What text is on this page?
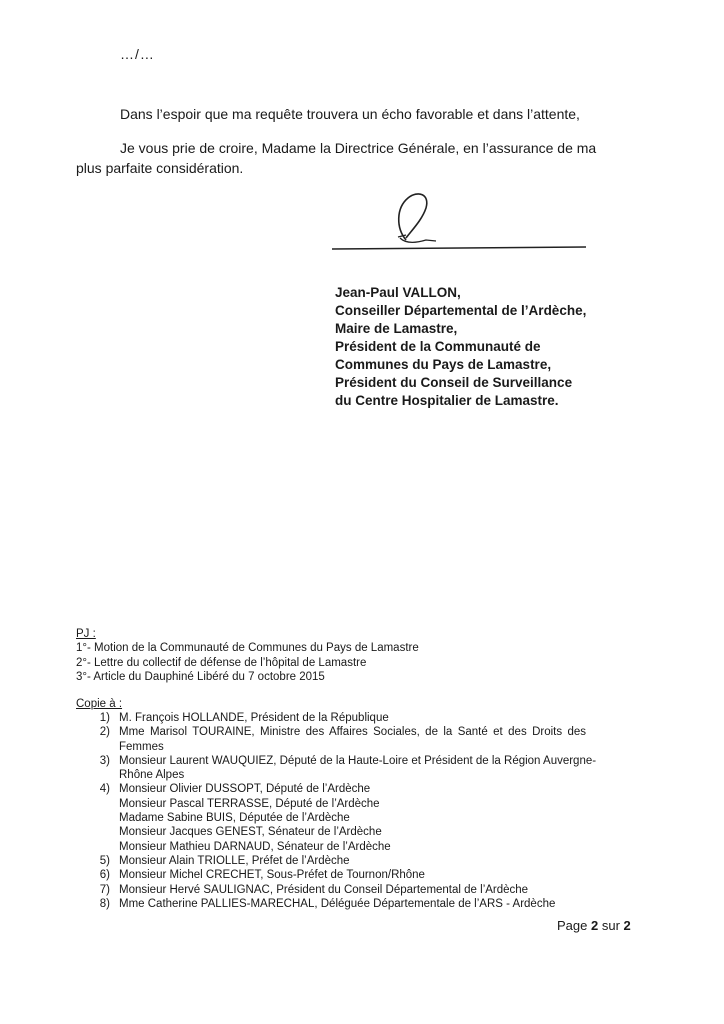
…/…
Dans l’espoir que ma requête trouvera un écho favorable et dans l’attente,
Je vous prie de croire, Madame la Directrice Générale, en l’assurance de ma
plus parfaite considération.
Jean-Paul VALLON,
Conseiller Départemental de l’Ardèche,
Maire de Lamastre,
Président de la Communauté de
Communes du Pays de Lamastre,
Président du Conseil de Surveillance
du Centre Hospitalier de Lamastre.
PJ :
1°- Motion de la Communauté de Communes du Pays de Lamastre
2°- Lettre du collectif de défense de l’hôpital de Lamastre
3°- Article du Dauphiné Libéré du 7 octobre 2015
Copie à :
1) M. François HOLLANDE, Président de la République
2) Mme Marisol TOURAINE, Ministre des Affaires Sociales, de la Santé et des Droits des
Femmes
3) Monsieur Laurent WAUQUIEZ, Député de la Haute-Loire et Président de la Région Auvergne-
Rhône Alpes
4) Monsieur Olivier DUSSOPT, Député de l’Ardèche
Monsieur Pascal TERRASSE, Député de l’Ardèche
Madame Sabine BUIS, Députée de l’Ardèche
Monsieur Jacques GENEST, Sénateur de l’Ardèche
Monsieur Mathieu DARNAUD, Sénateur de l’Ardèche
5) Monsieur Alain TRIOLLE, Préfet de l’Ardèche
6) Monsieur Michel CRECHET, Sous-Préfet de Tournon/Rhône
7) Monsieur Hervé SAULIGNAC, Président du Conseil Départemental de l’Ardèche
8) Mme Catherine PALLIES-MARECHAL, Déléguée Départementale de l’ARS - Ardèche
Page 2 sur 2
